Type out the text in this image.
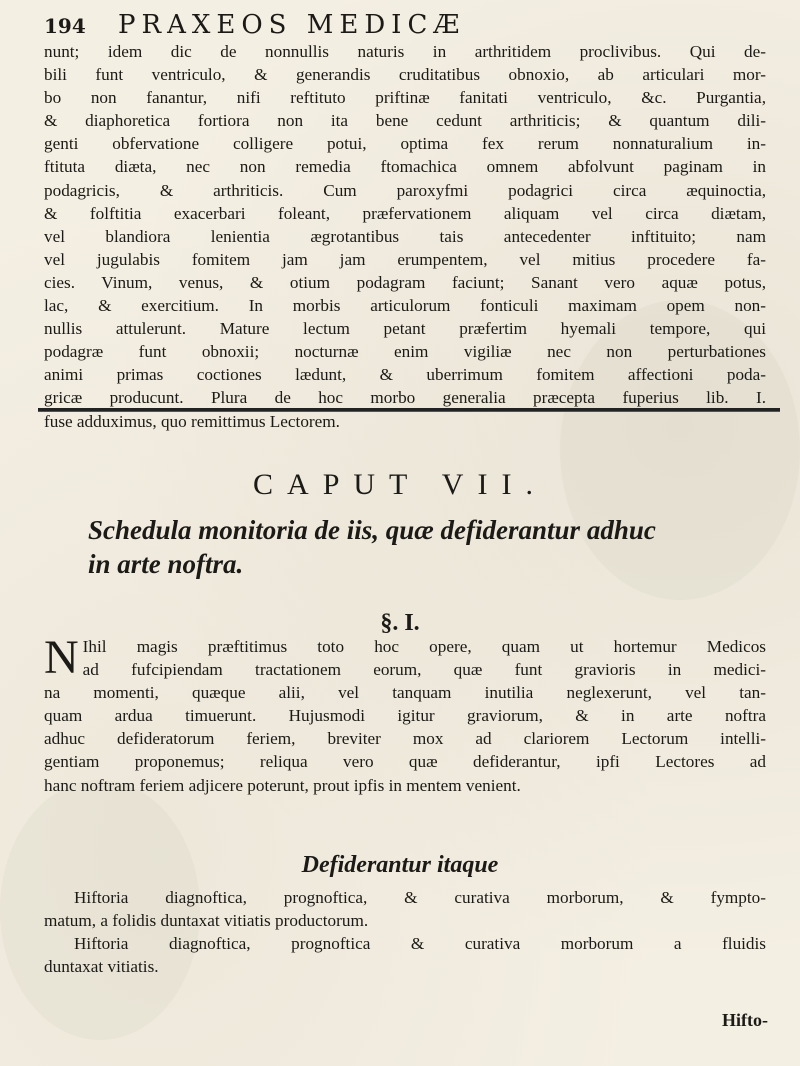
194	PRAXEOS MEDICÆ
nunt; idem dic de nonnullis naturis in arthritidem proclivibus. Qui de-
bili funt ventriculo, & generandis cruditatibus obnoxio, ab articulari mor-
bo non fanantur, nifi reftituto priftinæ fanitati ventriculo, &c. Purgantia,
& diaphoretica fortiora non ita bene cedunt arthriticis; & quantum dili-
genti obfervatione colligere potui, optima fex rerum nonnaturalium in-
ftituta diæta, nec non remedia ftomachica omnem abfolvunt paginam in
podagricis, & arthriticis. Cum paroxyfmi podagrici circa æquinoctia,
& folftitia exacerbari foleant, præfervationem aliquam vel circa diætam,
vel blandiora lenientia ægrotantibus tais antecedenter inftituito; nam
vel jugulabis fomitem jam jam erumpentem, vel mitius procedere fa-
cies. Vinum, venus, & otium podagram faciunt; Sanant vero aquæ potus,
lac, & exercitium. In morbis articulorum fonticuli maximam opem non-
nullis attulerunt. Mature lectum petant præfertim hyemali tempore, qui
podagræ funt obnoxii; nocturnæ enim vigiliæ nec non perturbationes
animi primas coctiones lædunt, & uberrimum fomitem affectioni poda-
gricæ producunt. Plura de hoc morbo generalia præcepta fuperius lib. I.
fuse adduximus, quo remittimus Lectorem.
CAPUT VII.
Schedula monitoria de iis, quæ defiderantur adhuc
in arte noftra.
§. I.
N Ihil magis præftitimus toto hoc opere, quam ut hortemur Medicos
ad fufcipiendam tractationem eorum, quæ funt gravioris in medici-
na momenti, quæque alii, vel tanquam inutilia neglexerunt, vel tan-
quam ardua timuerunt. Hujusmodi igitur graviorum, & in arte noftra
adhuc defideratorum feriem, breviter mox ad clariorem Lectorum intelli-
gentiam proponemus; reliqua vero quæ defiderantur, ipfi Lectores ad
hanc noftram feriem adjicere poterunt, prout ipfis in mentem venient.
Defiderantur itaque
Hiftoria diagnoftica, prognoftica, & curativa morborum, & fympto-
matum, a folidis duntaxat vitiatis productorum.
Hiftoria diagnoftica, prognoftica & curativa morborum a fluidis
duntaxat vitiatis.
Hifto-
